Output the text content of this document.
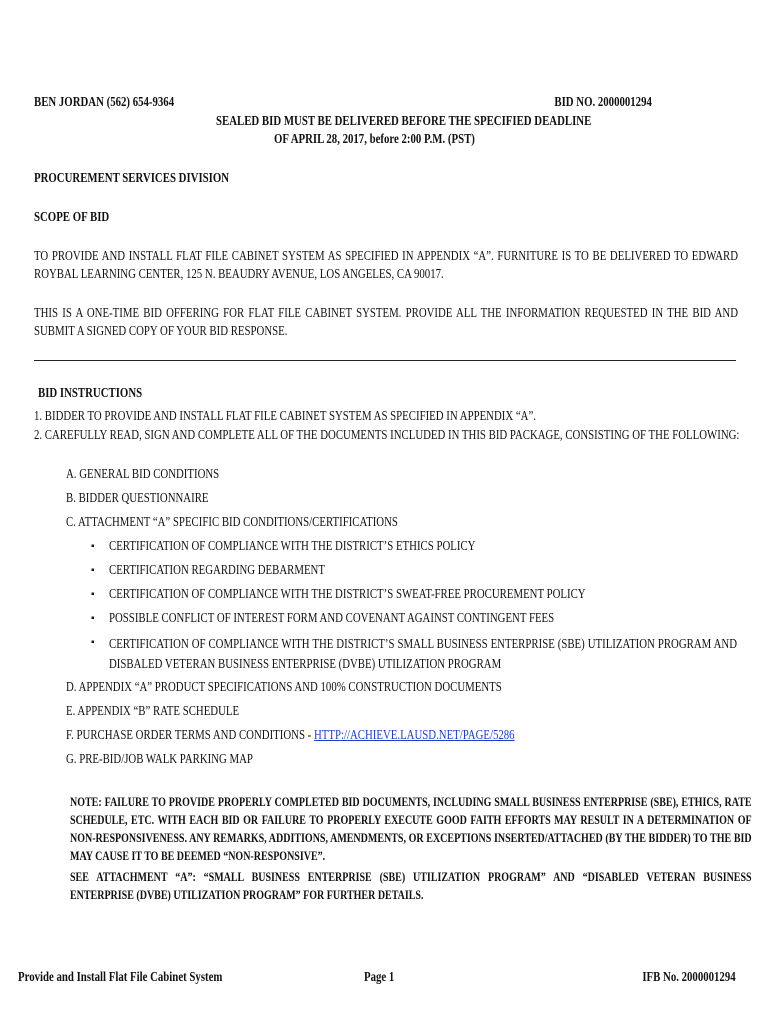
BEN JORDAN (562) 654-9364	BID NO. 2000001294
SEALED BID MUST BE DELIVERED BEFORE THE SPECIFIED DEADLINE
OF APRIL 28, 2017, before 2:00 P.M. (PST)
PROCUREMENT SERVICES DIVISION
SCOPE OF BID
TO PROVIDE AND INSTALL FLAT FILE CABINET SYSTEM AS SPECIFIED IN APPENDIX “A”. FURNITURE IS TO BE DELIVERED TO EDWARD ROYBAL LEARNING CENTER, 125 N. BEAUDRY AVENUE, LOS ANGELES, CA 90017.
THIS IS A ONE-TIME BID OFFERING FOR FLAT FILE CABINET SYSTEM. PROVIDE ALL THE INFORMATION REQUESTED IN THE BID AND SUBMIT A SIGNED COPY OF YOUR BID RESPONSE.
BID INSTRUCTIONS
1. BIDDER TO PROVIDE AND INSTALL FLAT FILE CABINET SYSTEM AS SPECIFIED IN APPENDIX “A”.
2. CAREFULLY READ, SIGN AND COMPLETE ALL OF THE DOCUMENTS INCLUDED IN THIS BID PACKAGE, CONSISTING OF THE FOLLOWING:
A. GENERAL BID CONDITIONS
B. BIDDER QUESTIONNAIRE
C. ATTACHMENT “A” SPECIFIC BID CONDITIONS/CERTIFICATIONS
▪ CERTIFICATION OF COMPLIANCE WITH THE DISTRICT’S ETHICS POLICY
▪ CERTIFICATION REGARDING DEBARMENT
▪ CERTIFICATION OF COMPLIANCE WITH THE DISTRICT’S SWEAT-FREE PROCUREMENT POLICY
▪ POSSIBLE CONFLICT OF INTEREST FORM AND COVENANT AGAINST CONTINGENT FEES
▪ CERTIFICATION OF COMPLIANCE WITH THE DISTRICT’S SMALL BUSINESS ENTERPRISE (SBE) UTILIZATION PROGRAM AND DISBALED VETERAN BUSINESS ENTERPRISE (DVBE) UTILIZATION PROGRAM
D. APPENDIX “A” PRODUCT SPECIFICATIONS AND 100% CONSTRUCTION DOCUMENTS
E. APPENDIX “B” RATE SCHEDULE
F. PURCHASE ORDER TERMS AND CONDITIONS - HTTP://ACHIEVE.LAUSD.NET/PAGE/5286
G. PRE-BID/JOB WALK PARKING MAP
NOTE: FAILURE TO PROVIDE PROPERLY COMPLETED BID DOCUMENTS, INCLUDING SMALL BUSINESS ENTERPRISE (SBE), ETHICS, RATE SCHEDULE, ETC. WITH EACH BID OR FAILURE TO PROPERLY EXECUTE GOOD FAITH EFFORTS MAY RESULT IN A DETERMINATION OF NON-RESPONSIVENESS. ANY REMARKS, ADDITIONS, AMENDMENTS, OR EXCEPTIONS INSERTED/ATTACHED (BY THE BIDDER) TO THE BID MAY CAUSE IT TO BE DEEMED “NON-RESPONSIVE”.
SEE ATTACHMENT “A”: “SMALL BUSINESS ENTERPRISE (SBE) UTILIZATION PROGRAM” AND “DISABLED VETERAN BUSINESS ENTERPRISE (DVBE) UTILIZATION PROGRAM” FOR FURTHER DETAILS.
Provide and Install Flat File Cabinet System	Page 1	IFB No. 2000001294
